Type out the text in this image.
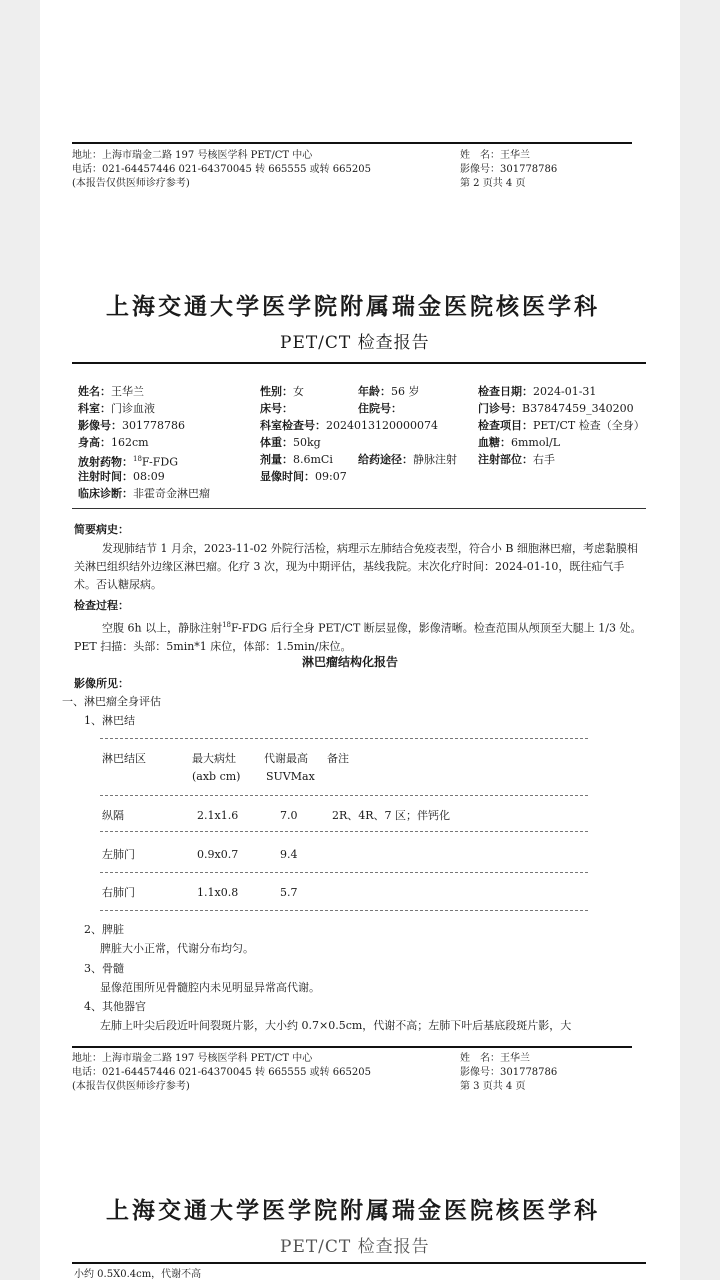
地址：上海市瑞金二路 197 号核医学科 PET/CT 中心
电话：021-64457446 021-64370045 转 665555 或转 665205
(本报告仅供医师诊疗参考)
姓　名：王华兰
影像号：301778786
第 2 页共 4 页
上海交通大学医学院附属瑞金医院核医学科
PET/CT 检查报告
姓名：王华兰	性别：女	年龄：56 岁	检查日期：2024-01-31
科室：门诊血液	床号：	住院号：	门诊号：B37847459_340200
影像号：301778786	科室检查号：2024013120000074	检查项目：PET/CT 检查（全身）
身高：162cm	体重：50kg	血糖：6mmol/L
放射药物：$^{18}$F-FDG	剂量：8.6mCi 给药途径：静脉注射 注射部位：右手
注射时间：08:09	显像时间：09:07
临床诊断：非霍奇金淋巴瘤
简要病史：
发现肺结节 1 月余，2023-11-02 外院行活检，病理示左肺结合免疫表型，符合小 B 细胞淋巴瘤，考虑黏膜相关淋巴组织结外边缘区淋巴瘤。化疗 3 次，现为中期评估，基线我院。末次化疗时间：2024-01-10，既往疝气手术。否认糖尿病。
检查过程：
空腹 6h 以上，静脉注射$^{18}$F-FDG 后行全身 PET/CT 断层显像，影像清晰。检查范围从颅顶至大腿上 1/3 处。PET 扫描：头部：5min*1 床位，体部：1.5min/床位。
淋巴瘤结构化报告
影像所见：
一、淋巴瘤全身评估
1、淋巴结
淋巴结区	最大病灶	代谢最高 备注
(axb cm) SUVMax
纵隔	2.1x1.6	7.0	2R、4R、7 区；伴钙化
左肺门	0.9x0.7	9.4
右肺门	1.1x0.8	5.7
2、脾脏
脾脏大小正常，代谢分布均匀。
3、骨髓
显像范围所见骨髓腔内未见明显异常高代谢。
4、其他器官
左肺上叶尖后段近叶间裂斑片影，大小约 0.7×0.5cm，代谢不高；左肺下叶后基底段斑片影，大
地址：上海市瑞金二路 197 号核医学科 PET/CT 中心
电话：021-64457446 021-64370045 转 665555 或转 665205
(本报告仅供医师诊疗参考)
姓　名：王华兰
影像号：301778786
第 3 页共 4 页
上海交通大学医学院附属瑞金医院核医学科
PET/CT 检查报告
小约 0.5X0.4cm，代谢不高
